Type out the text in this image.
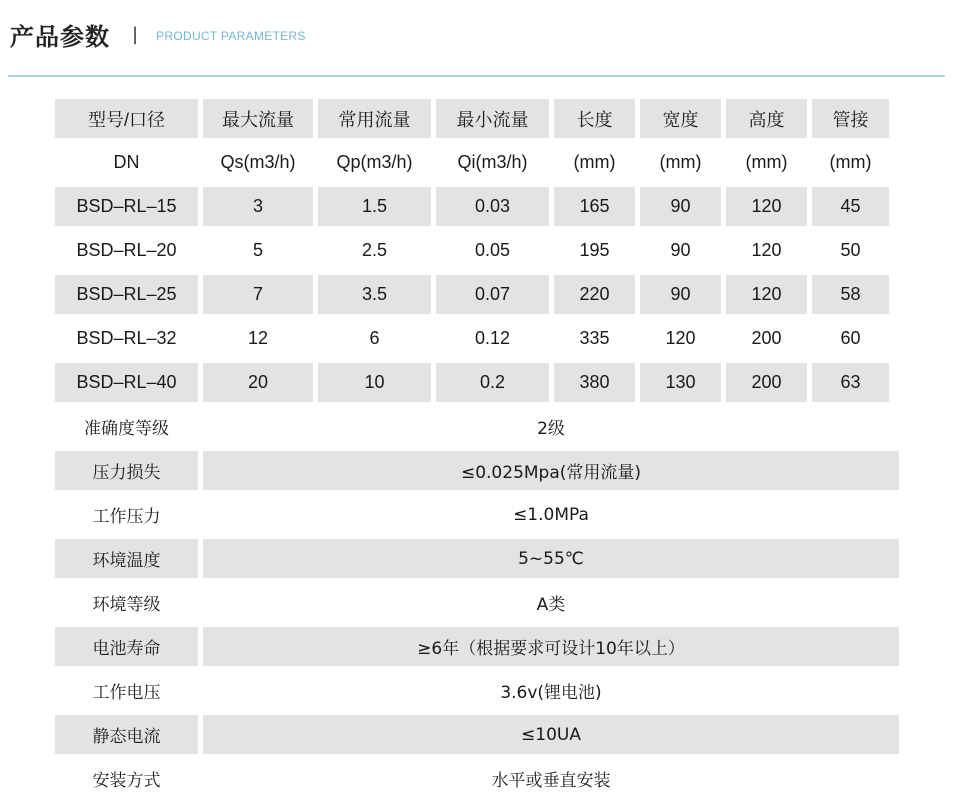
产品参数 | PRODUCT PARAMETERS
型号/口径	最大流量	常用流量	最小流量	长度	宽度	高度	管接
DN	Qs(m3/h)	Qp(m3/h)	Qi(m3/h)	(mm)	(mm)	(mm)	(mm)
BSD–RL–15	3	1.5	0.03	165	90	120	45
BSD–RL–20	5	2.5	0.05	195	90	120	50
BSD–RL–25	7	3.5	0.07	220	90	120	58
BSD–RL–32	12	6	0.12	335	120	200	60
BSD–RL–40	20	10	0.2	380	130	200	63
准确度等级	2级
压力损失	≤0.025Mpa(常用流量)
工作压力	≤1.0MPa
环境温度	5~55℃
环境等级	A类
电池寿命	≥6年（根据要求可设计10年以上）
工作电压	3.6v(锂电池)
静态电流	≤10UA
安装方式	水平或垂直安装
